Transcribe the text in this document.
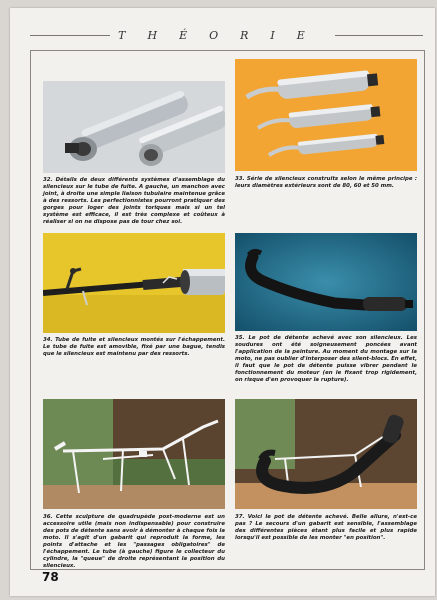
THÉORIE
32. Détails de deux différents systèmes d'assemblage du silencieux sur le tube de fuite. A gauche, un manchon avec joint, à droite une simple liaison tubulaire maintenue grâce à des ressorts. Les perfectionnistes pourront pratiquer des gorges pour loger des joints toriques mais si un tel système est efficace, il est très complexe et coûteux à réaliser si on ne dispose pas de tour chez soi.
33. Série de silencieux construits selon le même principe : leurs diamètres extérieurs sont de 80, 60 et 50 mm.
34. Tube de fuite et silencieux montés sur l'échappement. Le tube de fuite est amovible, fixé par une bague, tendis que le silencieux est maintenu par des ressorts.
35. Le pot de détente achevé avec son silencieux. Les soudures ont été soigneusement poncées avant l'application de la peinture. Au moment du montage sur la moto, ne pas oublier d'interposer des silent-blocs. En effet, il faut que le pot de détente puisse vibrer pendant le fonctionnement du moteur (en le fixant trop rigidement, on risque d'en provoquer la rupture).
36. Cette sculpture de quadrupède post-moderne est un accessoire utile (mais non indispensable) pour construire des pots de détente sans avoir à démonter à chaque fois la moto. Il s'agit d'un gabarit qui reproduit la forme, les points d'attache et les "passages obligatoires" de l'échappement. Le tube (à gauche) figure le collecteur du cylindre, la "queue" de droite représentant la position du silencieux.
37. Voici le pot de détente achevé. Belle allure, n'est-ce pas ? Le secours d'un gabarit est sensible, l'assemblage des différentes pièces étant plus facile et plus rapide lorsqu'il est possible de les monter "en position".
78
